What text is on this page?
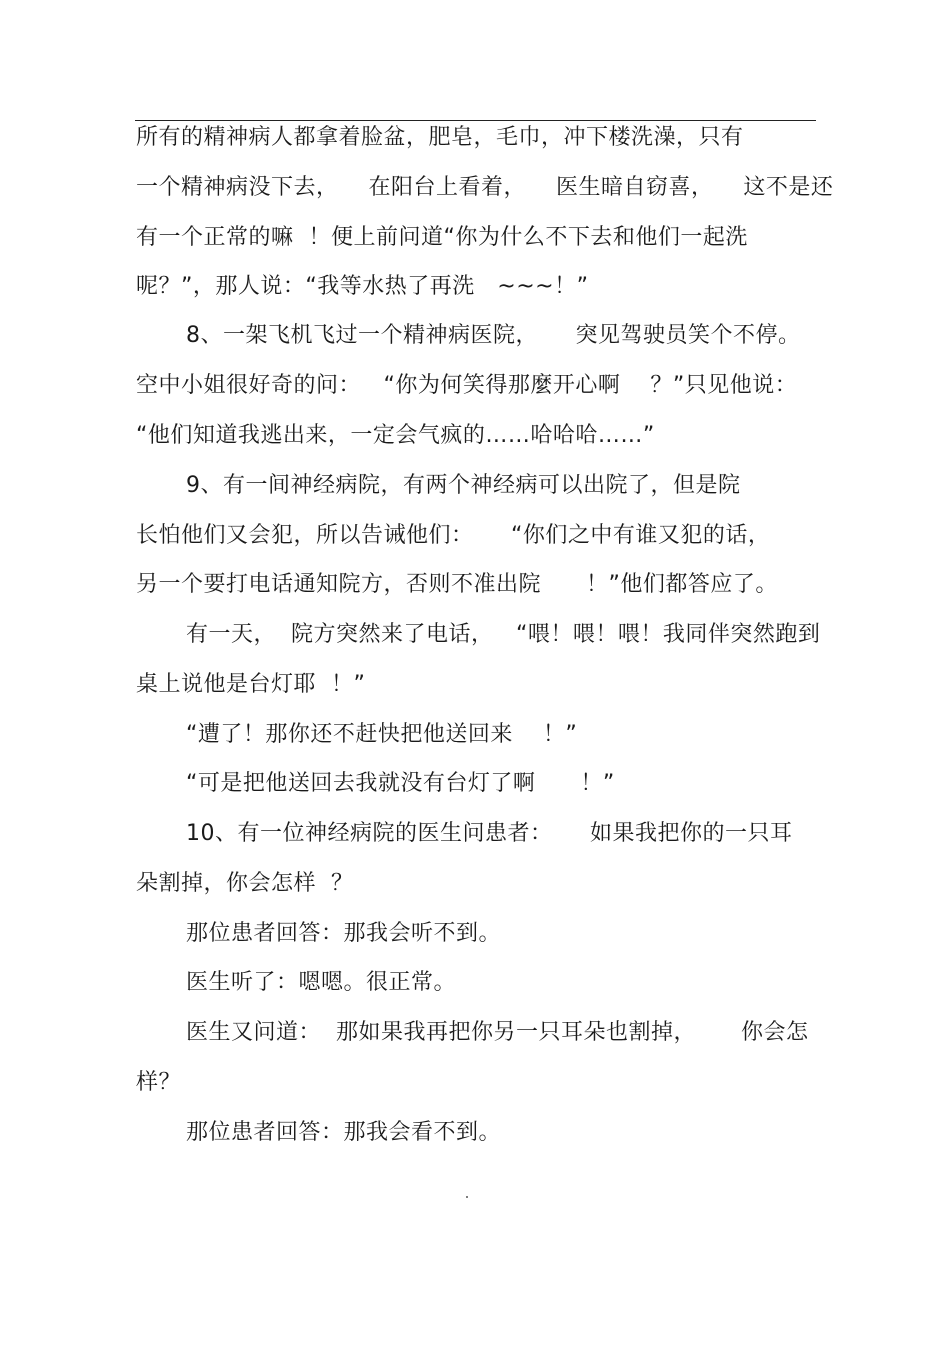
所有的精神病人都拿着脸盆，肥皂，毛巾，冲下楼洗澡，只有
一个精神病没下去，    在阳台上看着，    医生暗自窃喜，    这不是还
有一个正常的嘛  ！便上前问道“你为什么不下去和他们一起洗
呢？”，那人说：“我等水热了再洗   ~~~！”
8、一架飞机飞过一个精神病医院，     突见驾驶员笑个不停。
空中小姐很好奇的问：   “你为何笑得那麼开心啊    ？”只见他说：
“他们知道我逃出来，一定会气疯的……哈哈哈……”
9、有一间神经病院，有两个神经病可以出院了，但是院
长怕他们又会犯，所以告诫他们：     “你们之中有谁又犯的话，
另一个要打电话通知院方，否则不准出院      ！”他们都答应了。
有一天，  院方突然来了电话，   “喂！喂！喂！我同伴突然跑到
桌上说他是台灯耶  ！”
“遭了！那你还不赶快把他送回来    ！”
“可是把他送回去我就没有台灯了啊      ！”
10、有一位神经病院的医生问患者：     如果我把你的一只耳
朵割掉，你会怎样  ？
那位患者回答：那我会听不到。
医生听了：嗯嗯。很正常。
医生又问道：  那如果我再把你另一只耳朵也割掉，      你会怎
样？
那位患者回答：那我会看不到。
